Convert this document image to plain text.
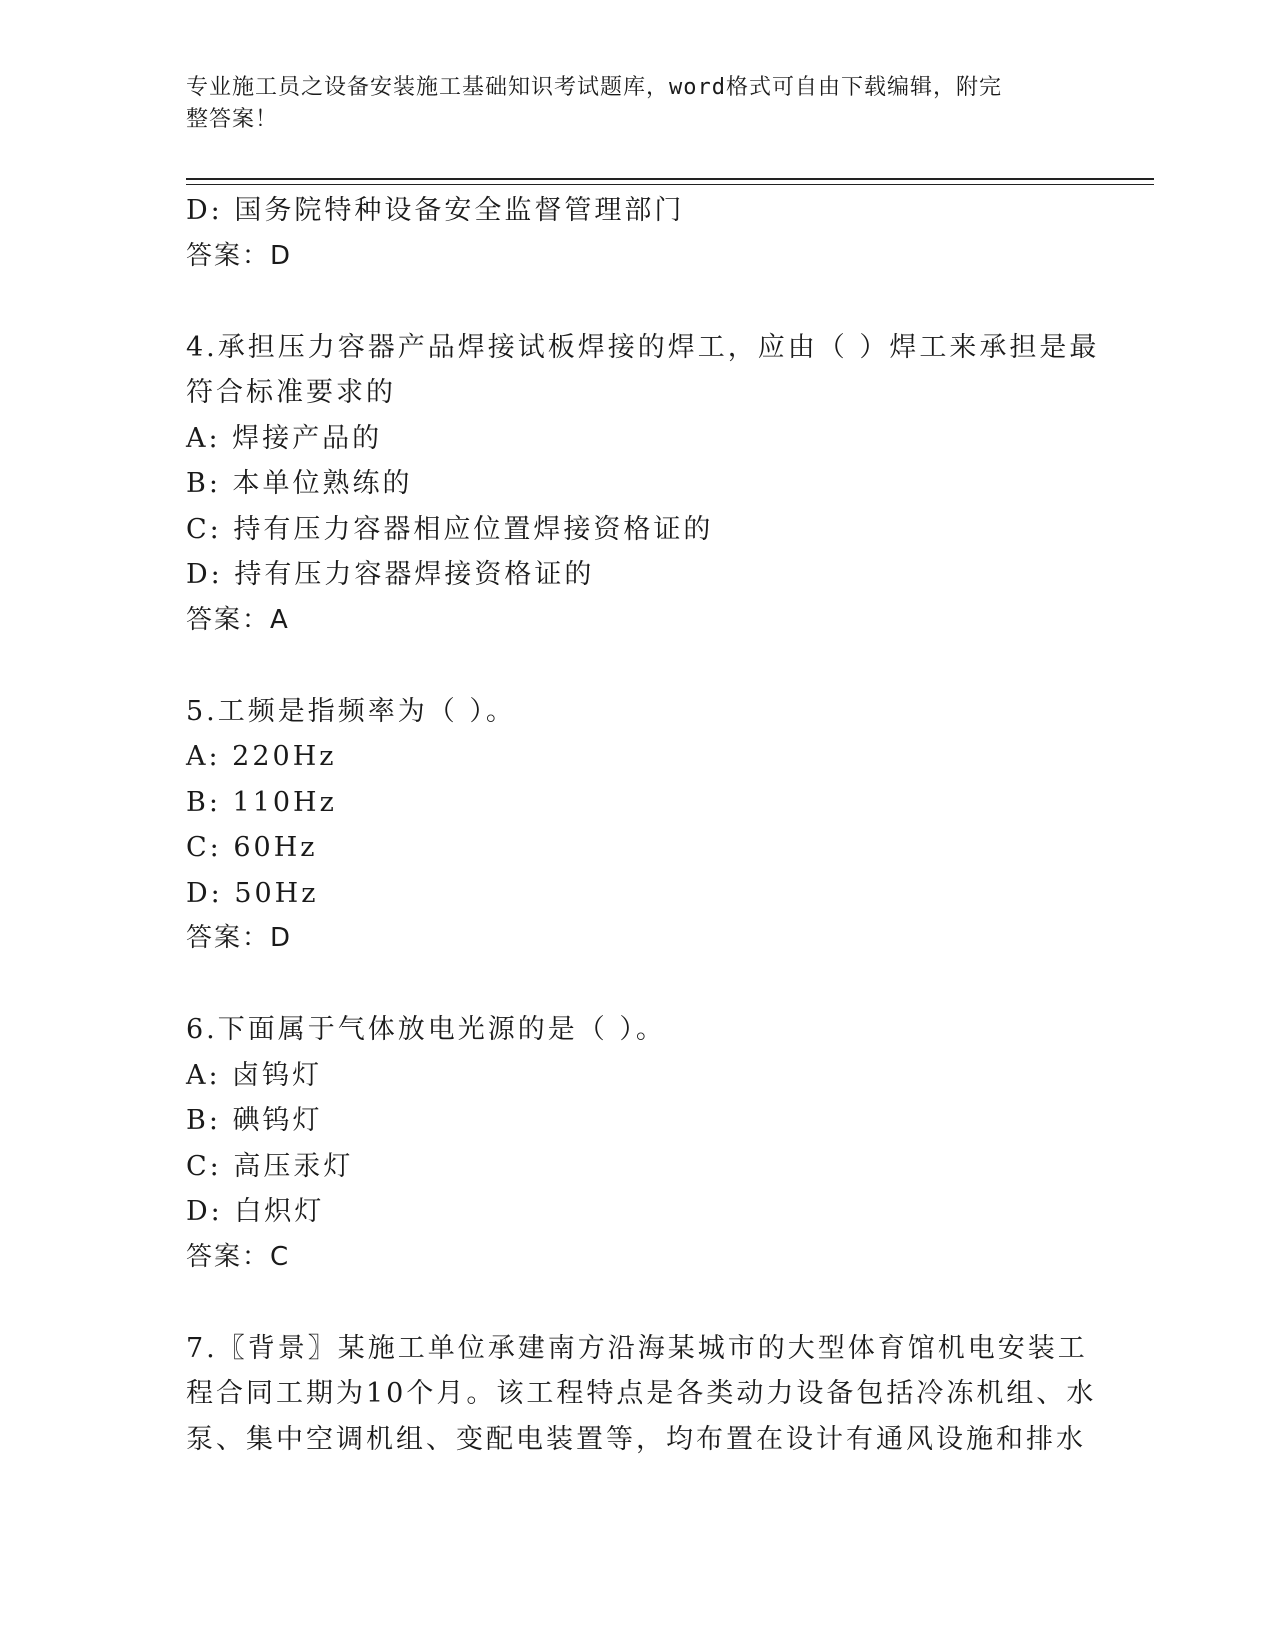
专业施工员之设备安装施工基础知识考试题库，word格式可自由下载编辑，附完
整答案！
D: 国务院特种设备安全监督管理部门
答案：D
4.承担压力容器产品焊接试板焊接的焊工，应由（ ）焊工来承担是最
符合标准要求的
A: 焊接产品的
B: 本单位熟练的
C: 持有压力容器相应位置焊接资格证的
D: 持有压力容器焊接资格证的
答案：A
5.工频是指频率为（ ）。
A: 220Hz
B: 110Hz
C: 60Hz
D: 50Hz
答案：D
6.下面属于气体放电光源的是（ ）。
A: 卤钨灯
B: 碘钨灯
C: 高压汞灯
D: 白炽灯
答案：C
7.〖背景〗某施工单位承建南方沿海某城市的大型体育馆机电安装工
程合同工期为10个月。该工程特点是各类动力设备包括冷冻机组、水
泵、集中空调机组、变配电装置等，均布置在设计有通风设施和排水
